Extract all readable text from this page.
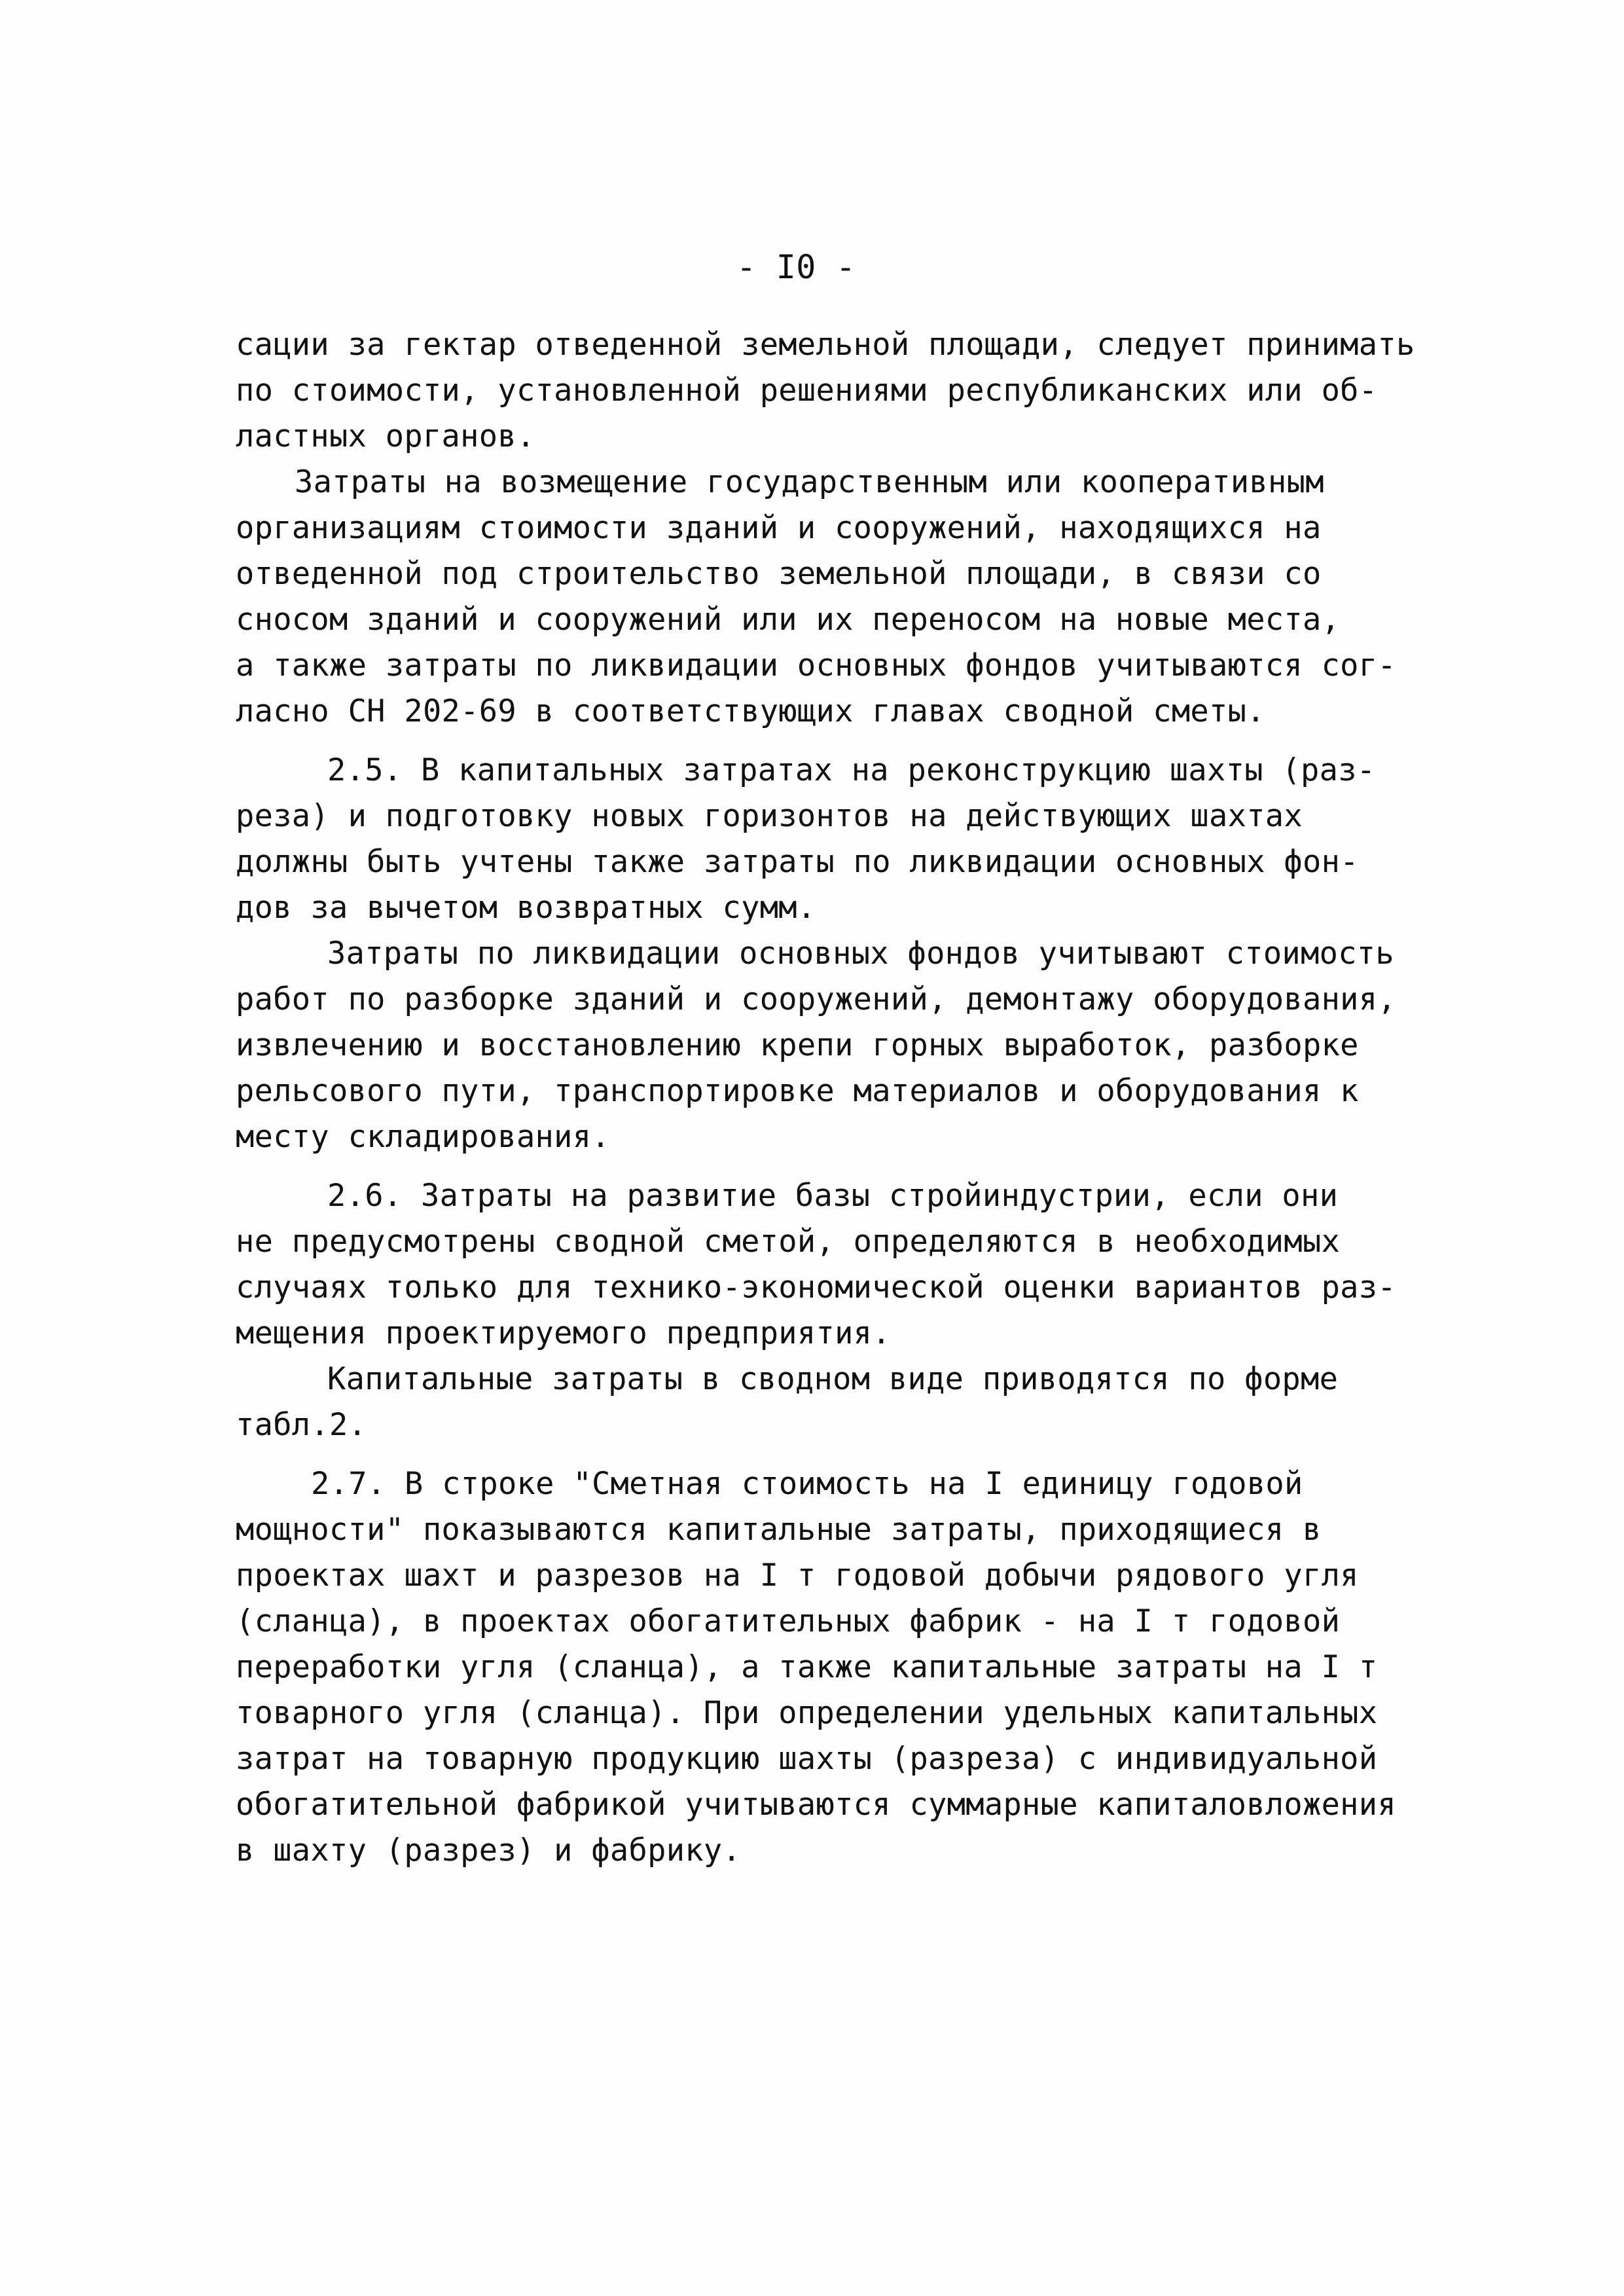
- I0 -
сации за гектар отведенной земельной площади, следует принимать
по стоимости, установленной решениями республиканских или об-
ластных органов.
Затраты на возмещение государственным или кооперативным
организациям стоимости зданий и сооружений, находящихся на
отведенной под строительство земельной площади, в связи со
сносом зданий и сооружений или их переносом на новые места,
а также затраты по ликвидации основных фондов учитываются сог-
ласно СН 202-69 в соответствующих главах сводной сметы.
2.5. В капитальных затратах на реконструкцию шахты (раз-
реза) и подготовку новых горизонтов на действующих шахтах
должны быть учтены также затраты по ликвидации основных фон-
дов за вычетом возвратных сумм.
Затраты по ликвидации основных фондов учитывают стоимость
работ по разборке зданий и сооружений, демонтажу оборудования,
извлечению и восстановлению крепи горных выработок, разборке
рельсового пути, транспортировке материалов и оборудования к
месту складирования.
2.6. Затраты на развитие базы стройиндустрии, если они
не предусмотрены сводной сметой, определяются в необходимых
случаях только для технико-экономической оценки вариантов раз-
мещения проектируемого предприятия.
Капитальные затраты в сводном виде приводятся по форме
табл.2.
2.7. В строке "Сметная стоимость на I единицу годовой
мощности" показываются капитальные затраты, приходящиеся в
проектах шахт и разрезов на I т годовой добычи рядового угля
(сланца), в проектах обогатительных фабрик - на I т годовой
переработки угля (сланца), а также капитальные затраты на I т
товарного угля (сланца). При определении удельных капитальных
затрат на товарную продукцию шахты (разреза) с индивидуальной
обогатительной фабрикой учитываются суммарные капиталовложения
в шахту (разрез) и фабрику.
